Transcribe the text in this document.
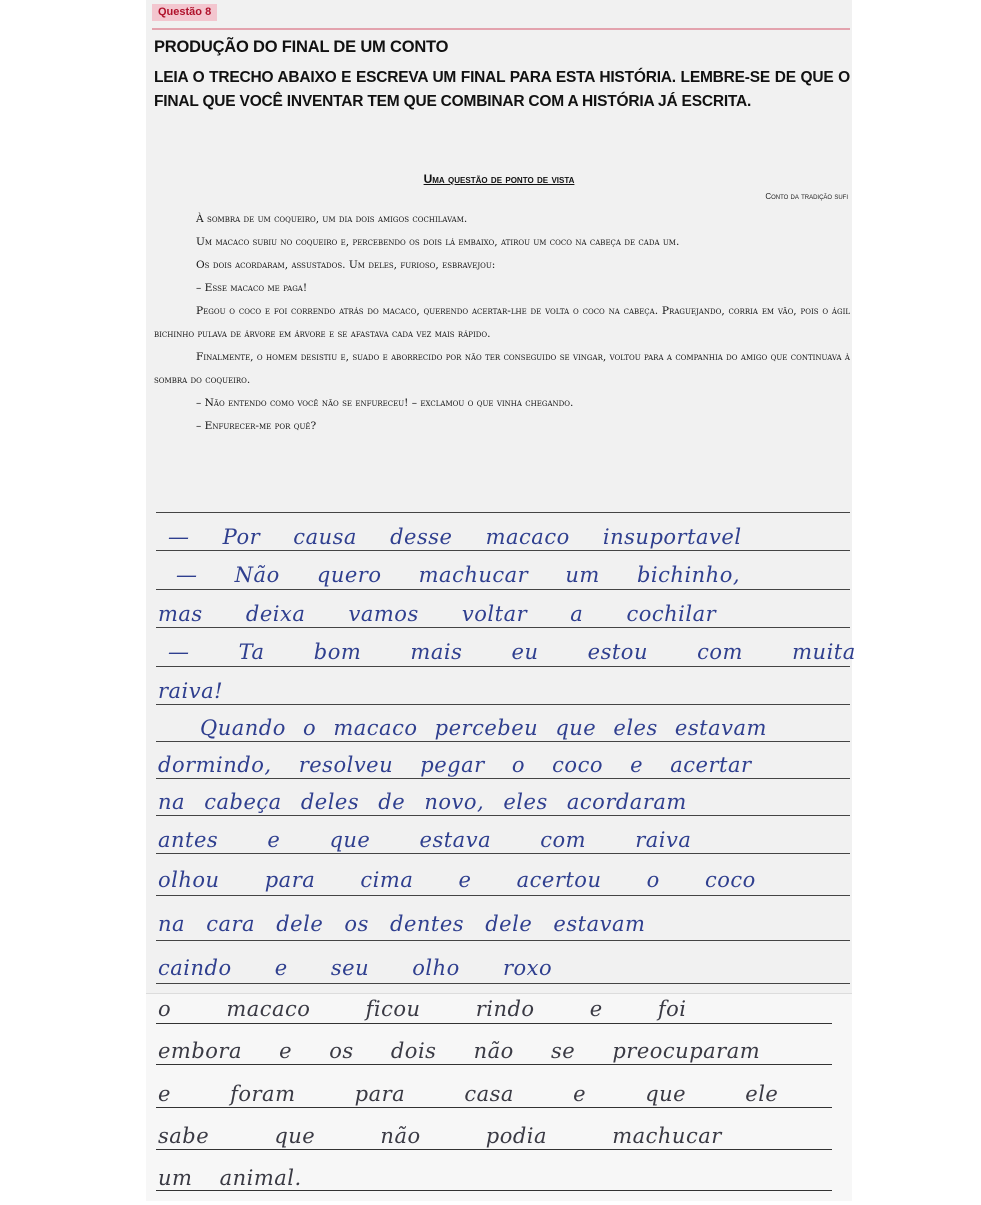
Questão 8
PRODUÇÃO DO FINAL DE UM CONTO
LEIA O TRECHO ABAIXO E ESCREVA UM FINAL PARA ESTA HISTÓRIA. LEMBRE-SE DE QUE O FINAL QUE VOCÊ INVENTAR TEM QUE COMBINAR COM A HISTÓRIA JÁ ESCRITA.
Uma questão de ponto de vista
Conto da tradição sufi

À sombra de um coqueiro, um dia dois amigos cochilavam.

Um macaco subiu no coqueiro e, percebendo os dois lá embaixo, atirou um coco na cabeça de cada um.

Os dois acordaram, assustados. Um deles, furioso, esbravejou:

– Esse macaco me paga!

Pegou o coco e foi correndo atrás do macaco, querendo acertar-lhe de volta o coco na cabeça. Praguejando, corria em vão, pois o ágil bichinho pulava de árvore em árvore e se afastava cada vez mais rápido.

Finalmente, o homem desistiu e, suado e aborrecido por não ter conseguido se vingar, voltou para a companhia do amigo que continuava à sombra do coqueiro.

– Não entendo como você não se enfureceu! – exclamou o que vinha chegando.

– Enfurecer-me por quê?

— Por causa desse macaco insuportavel
— Não quero machucar um bichinho,
mas deixa vamos voltar a cochilar
— Ta bom mais eu estou com muita
raiva!
Quando o macaco percebeu que eles estavam
dormindo, resolveu pegar o coco e acertar
na cabeça deles de novo, eles acordaram
antes e que estava com raiva
olhou para cima e acertou o coco
na cara dele os dentes dele estavam
caindo e seu olho roxo
o macaco ficou rindo e foi
embora e os dois não se preocuparam
e foram para casa e que ele
sabe que não podia machucar
um animal.
